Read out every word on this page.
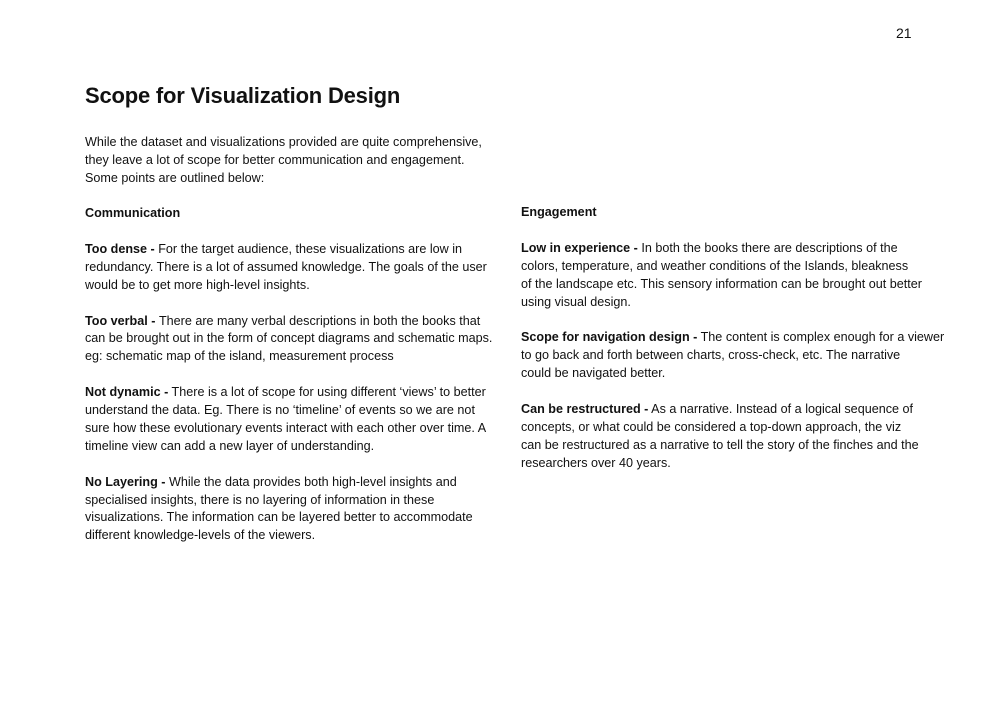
21
Scope for Visualization Design
While the dataset and visualizations provided are quite comprehensive,
they leave a lot of scope for better communication and engagement.
Some points are outlined below:
Communication
Too dense - For the target audience, these visualizations are low in
redundancy. There is a lot of assumed knowledge. The goals of the user
would be to get more high-level insights.
Too verbal - There are many verbal descriptions in both the books that
can be brought out in the form of concept diagrams and schematic maps.
eg: schematic map of the island, measurement process
Not dynamic - There is a lot of scope for using different ‘views’ to better
understand the data. Eg. There is no ‘timeline’ of events so we are not
sure how these evolutionary events interact with each other over time. A
timeline view can add a new layer of understanding.
No Layering - While the data provides both high-level insights and
specialised insights, there is no layering of information in these
visualizations. The information can be layered better to accommodate
different knowledge-levels of the viewers.
Engagement
Low in experience - In both the books there are descriptions of the
colors, temperature, and weather conditions of the Islands, bleakness
of the landscape etc. This sensory information can be brought out better
using visual design.
Scope for navigation design - The content is complex enough for a viewer
to go back and forth between charts, cross-check, etc. The narrative
could be navigated better.
Can be restructured - As a narrative. Instead of a logical sequence of
concepts, or what could be considered a top-down approach, the viz
can be restructured as a narrative to tell the story of the finches and the
researchers over 40 years.
